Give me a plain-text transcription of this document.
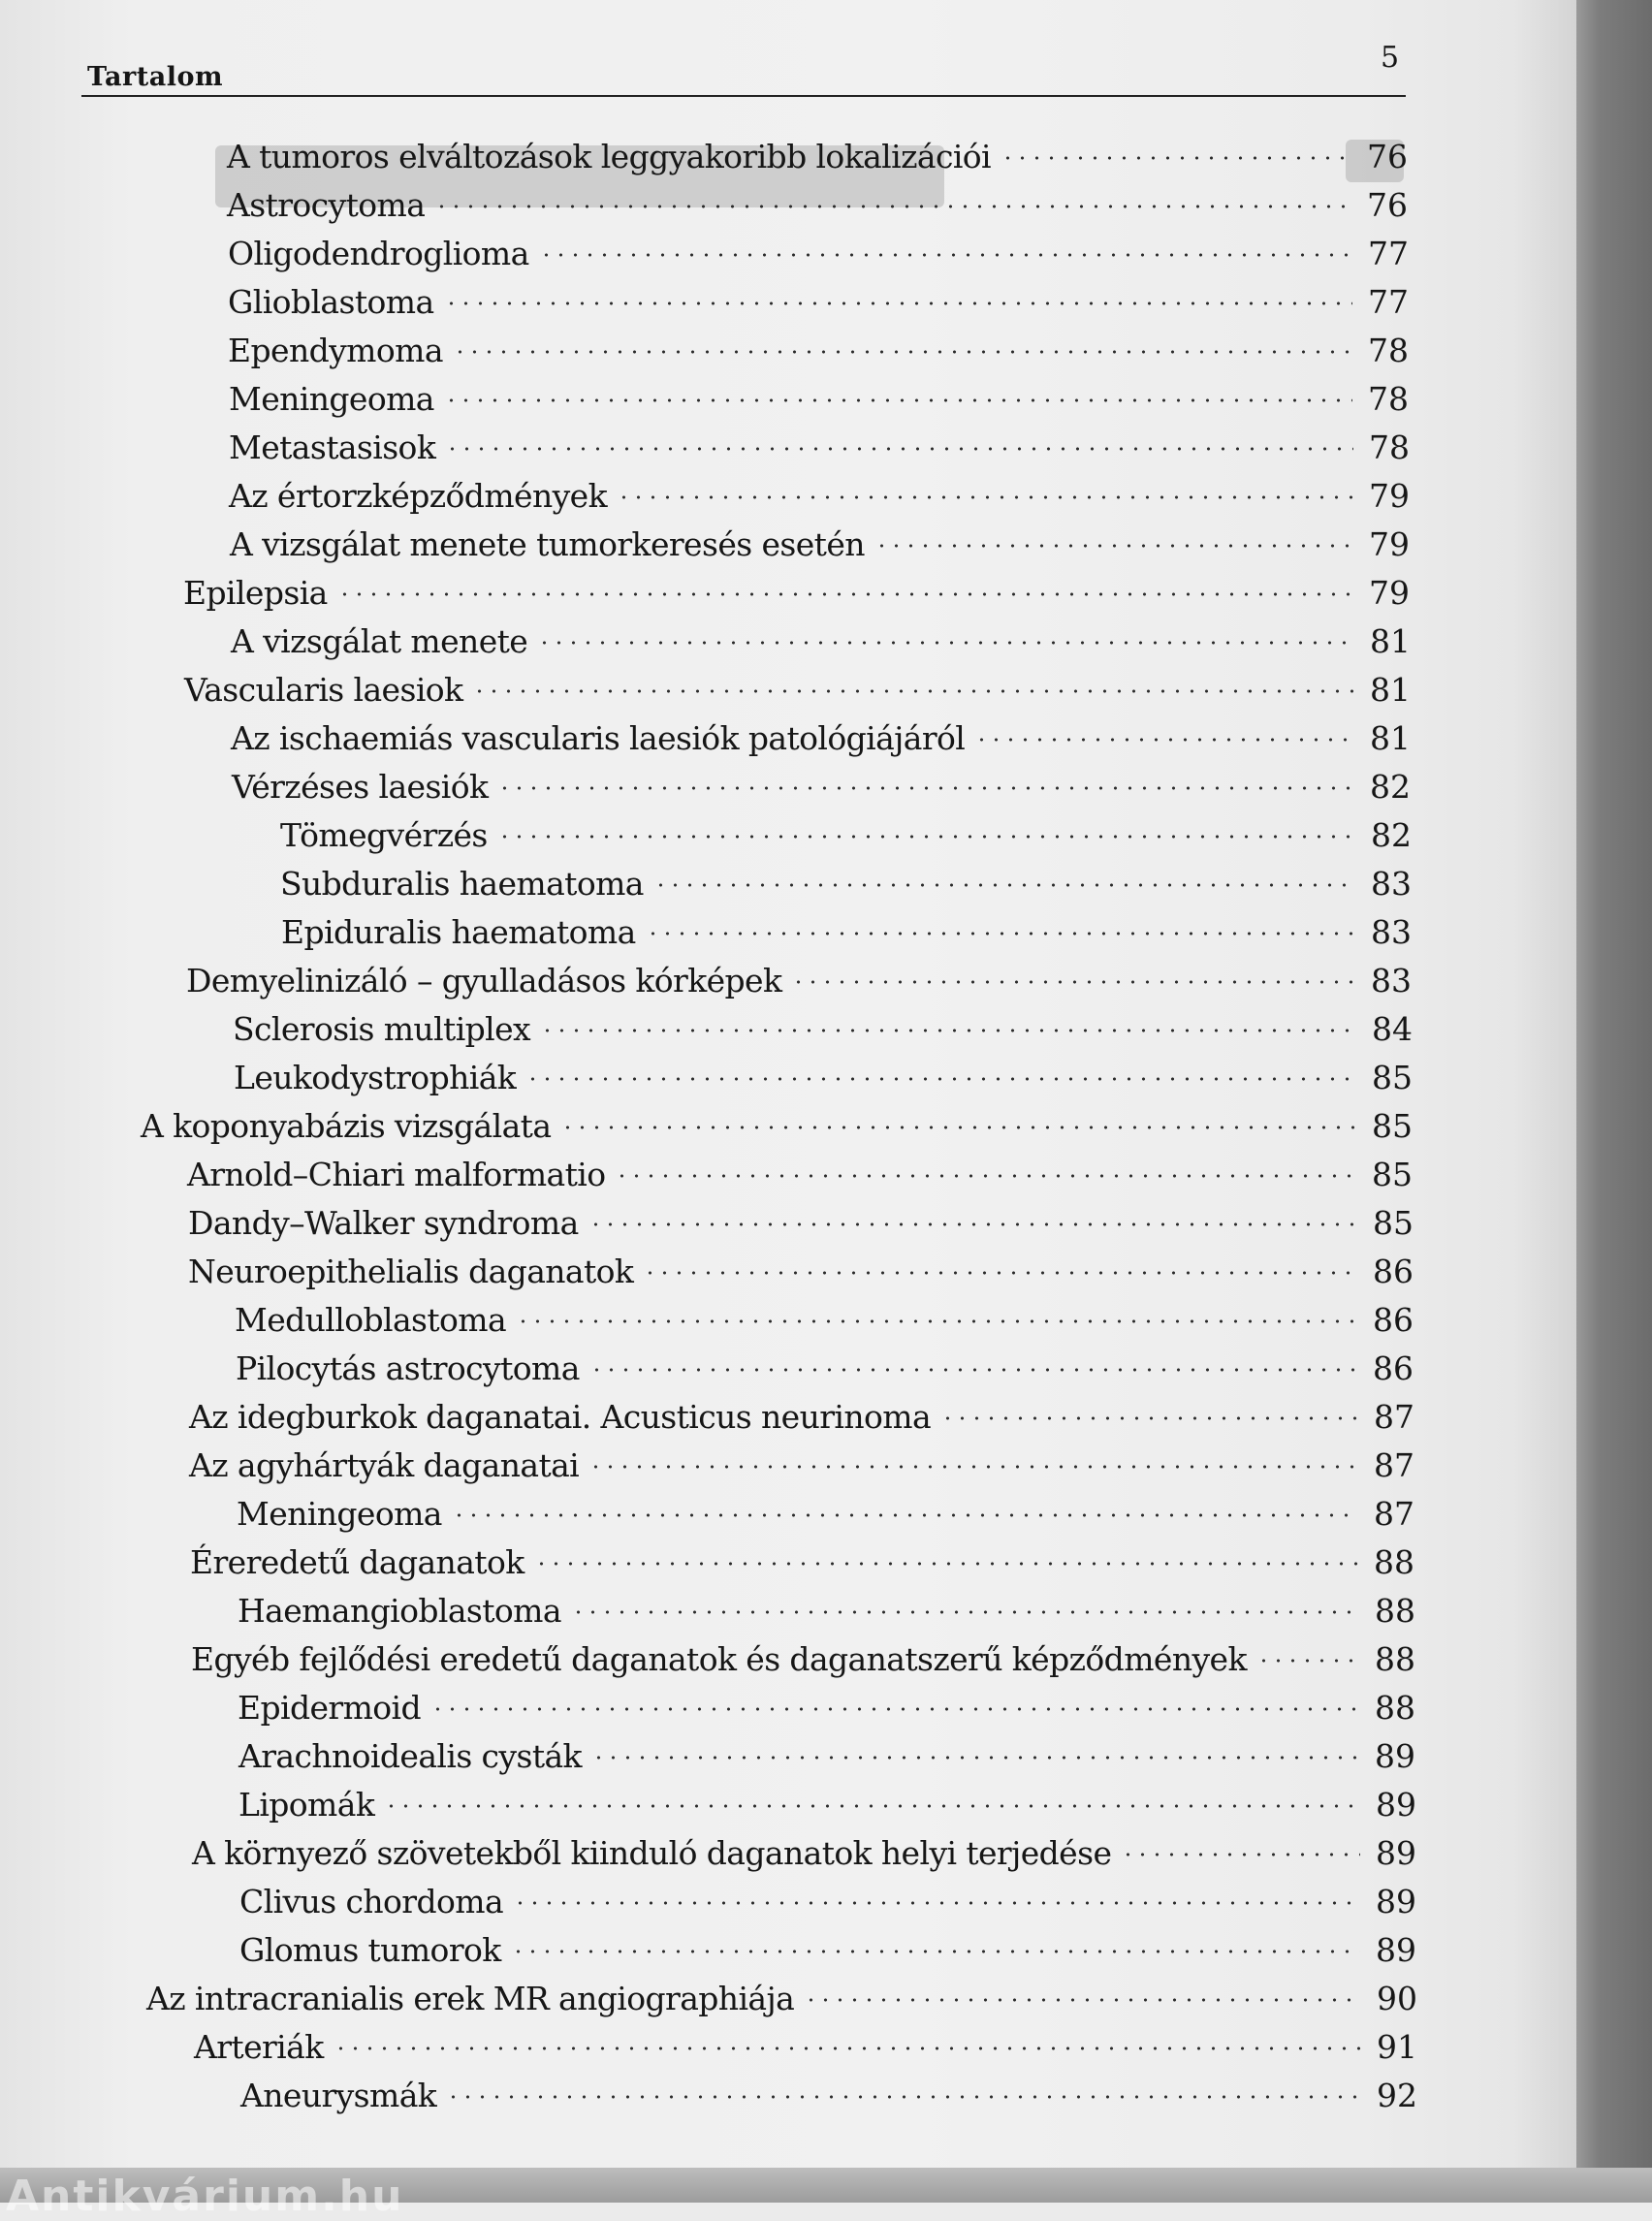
Antikvárium.hu
Tartalom
5
A tumoros elváltozások leggyakoribb lokalizációi	76
Astrocytoma	76
Oligodendroglioma	77
Glioblastoma	77
Ependymoma	78
Meningeoma	78
Metastasisok	78
Az értorzképződmények	79
A vizsgálat menete tumorkeresés esetén	79
Epilepsia	79
A vizsgálat menete	81
Vascularis laesiok	81
Az ischaemiás vascularis laesiók patológiájáról	81
Vérzéses laesiók	82
Tömegvérzés	82
Subduralis haematoma	83
Epiduralis haematoma	83
Demyelinizáló – gyulladásos kórképek	83
Sclerosis multiplex	84
Leukodystrophiák	85
A koponyabázis vizsgálata	85
Arnold–Chiari malformatio	85
Dandy–Walker syndroma	85
Neuroepithelialis daganatok	86
Medulloblastoma	86
Pilocytás astrocytoma	86
Az idegburkok daganatai. Acusticus neurinoma	87
Az agyhártyák daganatai	87
Meningeoma	87
Éreredetű daganatok	88
Haemangioblastoma	88
Egyéb fejlődési eredetű daganatok és daganatszerű képződmények	88
Epidermoid	88
Arachnoidealis cysták	89
Lipomák	89
A környező szövetekből kiinduló daganatok helyi terjedése	89
Clivus chordoma	89
Glomus tumorok	89
Az intracranialis erek MR angiographiája	90
Arteriák	91
Aneurysmák	92
